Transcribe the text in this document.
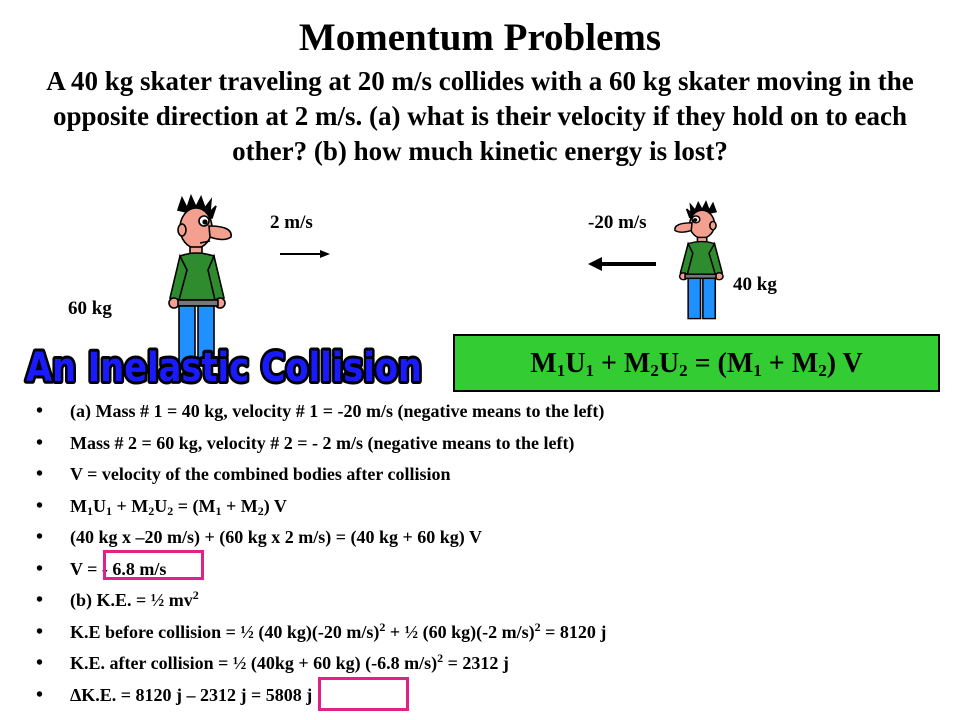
Momentum Problems
A 40 kg skater traveling at 20 m/s collides with a 60 kg skater moving in the opposite direction at 2 m/s. (a) what is their velocity if they hold on to each other? (b) how much kinetic energy is lost?
2 m/s	-20 m/s
60 kg
40 kg
An Inelastic Collision	$M_1U_1 + M_2U_2 = (M_1 + M_2)$ V
• (a) Mass # 1 = 40 kg, velocity # 1 = -20 m/s (negative means to the left)
• Mass # 2 = 60 kg, velocity # 2 = - 2 m/s (negative means to the left)
• V = velocity of the combined bodies after collision
• $M_1U_1 + M_2U_2 = (M_1 + M_2)$ V
• (40 kg x –20 m/s) + (60 kg x 2 m/s) = (40 kg + 60 kg) V
• V = - 6.8 m/s
• (b) K.E. = ½ $mv^2$
• K.E before collision = ½ (40 kg)(-20 m/s)$^2$ + ½ (60 kg)(-2 m/s)$^2$ = 8120 j
• K.E. after collision = ½ (40kg + 60 kg) (-6.8 m/s)$^2$ = 2312 j
• ΔK.E. = 8120 j – 2312 j = 5808 j
